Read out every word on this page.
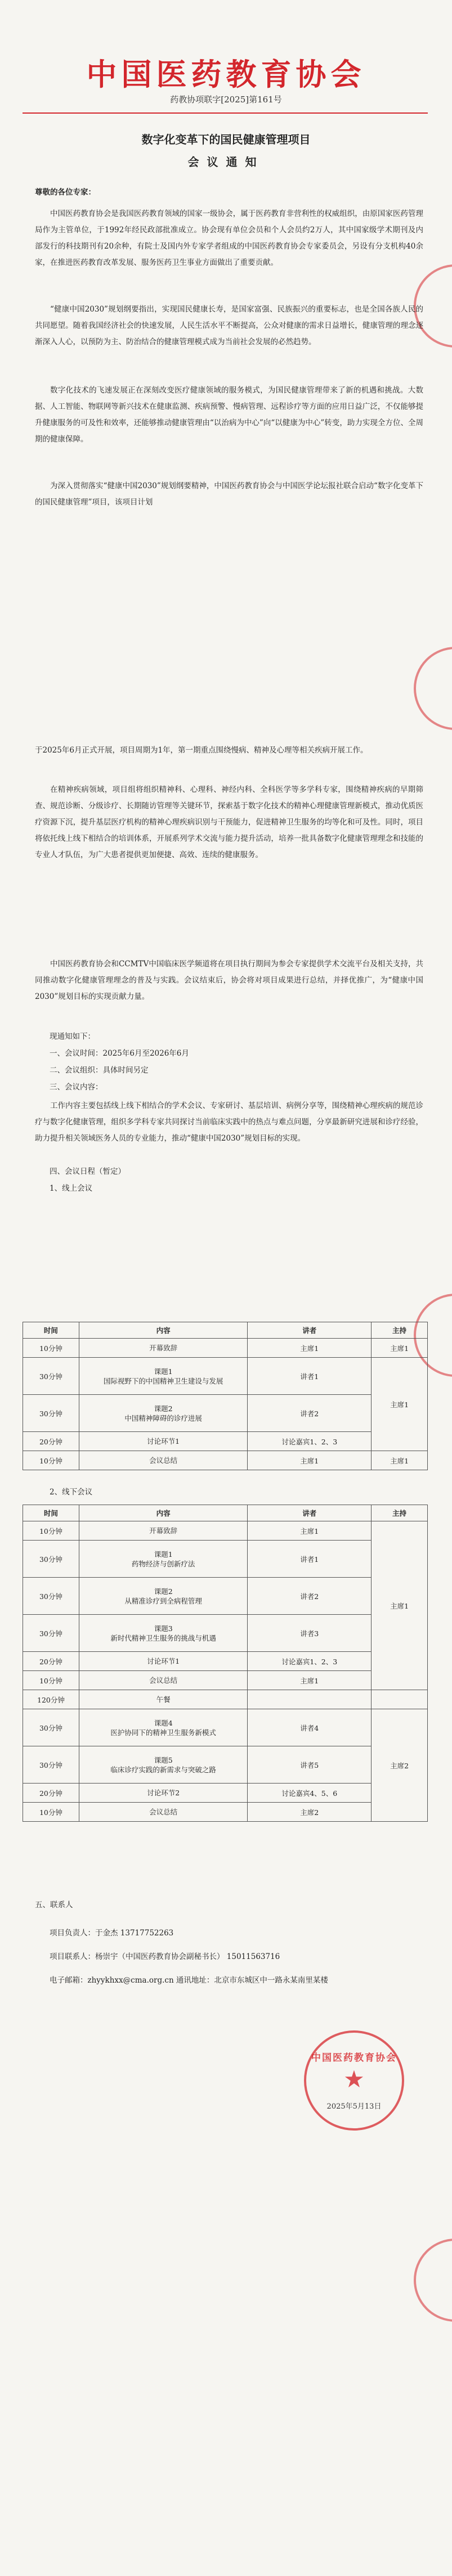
中国医药教育协会
药教协项联字[2025]第161号
数字化变革下的国民健康管理项目
会议通知
尊敬的各位专家：

中国医药教育协会是我国医药教育领域的国家一级协会，属于医药教育非营利性的权威组织，由原国家医药管理局作为主管单位，于1992年经民政部批准成立。协会现有单位会员和个人会员约2万人，其中国家级学术期刊及内部发行的科技期刊有20余种，有院士及国内外专家学者组成的中国医药教育协会专家委员会，另设有分支机构40余家，在推进医药教育改革发展、服务医药卫生事业方面做出了重要贡献。

“健康中国2030”规划纲要指出，实现国民健康长寿，是国家富强、民族振兴的重要标志，也是全国各族人民的共同愿望。随着我国经济社会的快速发展，人民生活水平不断提高，公众对健康的需求日益增长，健康管理的理念逐渐深入人心，以预防为主、防治结合的健康管理模式成为当前社会发展的必然趋势。

数字化技术的飞速发展正在深刻改变医疗健康领域的服务模式，为国民健康管理带来了新的机遇和挑战。大数据、人工智能、物联网等新兴技术在健康监测、疾病预警、慢病管理、远程诊疗等方面的应用日益广泛，不仅能够提升健康服务的可及性和效率，还能够推动健康管理由“以治病为中心”向“以健康为中心”转变，助力实现全方位、全周期的健康保障。

为深入贯彻落实“健康中国2030”规划纲要精神，中国医药教育协会与中国医学论坛报社联合启动“数字化变革下的国民健康管理”项目，该项目计划

于2025年6月正式开展，项目周期为1年，第一期重点围绕慢病、精神及心理等相关疾病开展工作。

在精神疾病领域，项目组将组织精神科、心理科、神经内科、全科医学等多学科专家，围绕精神疾病的早期筛查、规范诊断、分级诊疗、长期随访管理等关键环节，探索基于数字化技术的精神心理健康管理新模式，推动优质医疗资源下沉，提升基层医疗机构的精神心理疾病识别与干预能力，促进精神卫生服务的均等化和可及性。同时，项目将依托线上线下相结合的培训体系，开展系列学术交流与能力提升活动，培养一批具备数字化健康管理理念和技能的专业人才队伍，为广大患者提供更加便捷、高效、连续的健康服务。

中国医药教育协会和CCMTV中国临床医学频道将在项目执行期间为参会专家提供学术交流平台及相关支持，共同推动数字化健康管理理念的普及与实践。会议结束后，协会将对项目成果进行总结，并择优推广，为“健康中国2030”规划目标的实现贡献力量。

现通知如下：
一、会议时间：2025年6月至2026年6月
二、会议组织：具体时间另定
三、会议内容：

工作内容主要包括线上线下相结合的学术会议、专家研讨、基层培训、病例分享等，围绕精神心理疾病的规范诊疗与数字化健康管理，组织多学科专家共同探讨当前临床实践中的热点与难点问题，分享最新研究进展和诊疗经验，助力提升相关领域医务人员的专业能力，推动“健康中国2030”规划目标的实现。

四、会议日程（暂定）
1、线上会议
时间	内容	讲者	主持
10分钟	开幕致辞	主席1	主席1
30分钟	课题1
国际视野下的中国精神卫生建设与发展	讲者1	主席1
30分钟	课题2
中国精神障碍的诊疗进展	讲者2	
20分钟	讨论环节1	讨论嘉宾1、2、3	
10分钟	会议总结	主席1	主席1
2、线下会议
时间	内容	讲者	主持
10分钟	开幕致辞	主席1	主席1
30分钟	课题1
药物经济与创新疗法	讲者1	
30分钟	课题2
从精准诊疗到全病程管理	讲者2	
30分钟	课题3
新时代精神卫生服务的挑战与机遇	讲者3	
20分钟	讨论环节1	讨论嘉宾1、2、3	
10分钟	会议总结	主席1	
120分钟	午餐		
30分钟	课题4
医护协同下的精神卫生服务新模式	讲者4	主席2
30分钟	课题5
临床诊疗实践的新需求与突破之路	讲者5	
20分钟	讨论环节2	讨论嘉宾4、5、6	
10分钟	会议总结	主席2	
五、联系人
项目负责人：于金杰 13717752263
项目联系人：杨崇宇（中国医药教育协会副秘书长） 15011563716
电子邮箱：zhyykhxx@cma.org.cn 通讯地址：北京市东城区中一路永某南里某楼
中国医药教育协会
★
2025年5月13日
